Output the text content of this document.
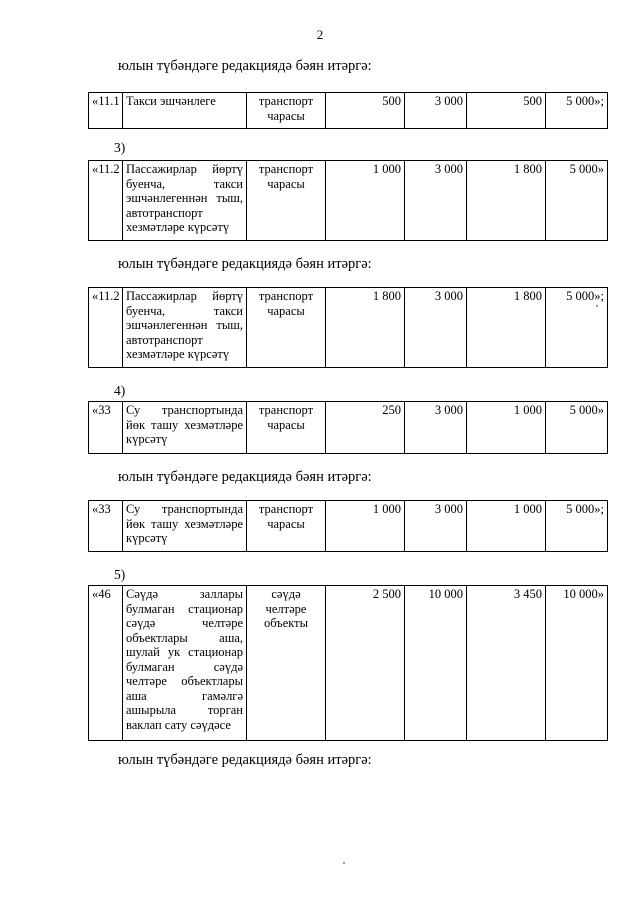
2
юлын түбәндәге редакциядә бәян итәргә:
«11.1	Такси эшчәнлеге	транспорт чарасы	500	3 000	500	5 000»;
3)
«11.2	Пассажирлар йөртү буенча, такси эшчәнлегеннән тыш, автотранспорт хезмәтләре күрсәтү	транспорт чарасы	1 000	3 000	1 800	5 000»
юлын түбәндәге редакциядә бәян итәргә:
«11.2	Пассажирлар йөртү буенча, такси эшчәнлегеннән тыш, автотранспорт хезмәтләре күрсәтү	транспорт чарасы	1 800	3 000	1 800	5 000»;
4)
«33	Су транспортында йөк ташу хезмәтләре күрсәтү	транспорт чарасы	250	3 000	1 000	5 000»
юлын түбәндәге редакциядә бәян итәргә:
«33	Су транспортында йөк ташу хезмәтләре күрсәтү	транспорт чарасы	1 000	3 000	1 000	5 000»;
5)
«46	Сәүдә заллары булмаган стационар сәүдә челтәре объектлары аша, шулай ук стационар булмаган сәүдә челтәре объектлары аша гамәлгә ашырыла торган ваклап сату сәүдәсе	сәүдә челтәре объекты	2 500	10 000	3 450	10 000»
юлын түбәндәге редакциядә бәян итәргә:
